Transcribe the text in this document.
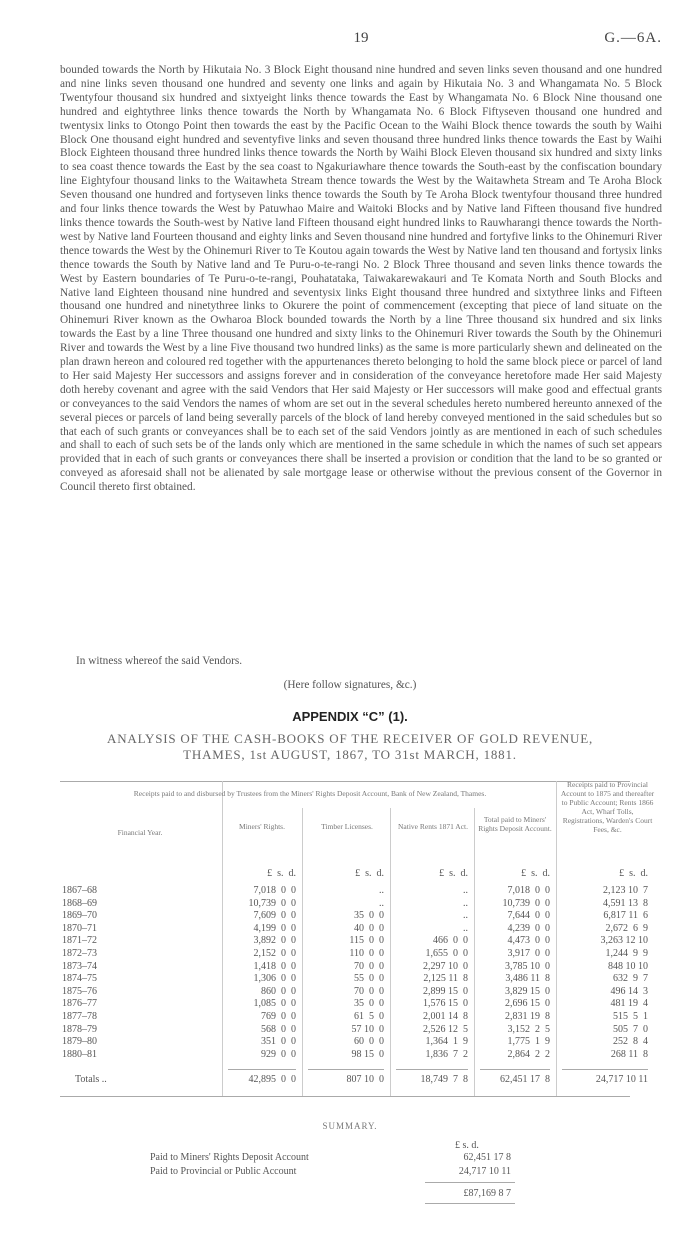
19	G.—6A.

bounded towards the North by Hikutaia No. 3 Block Eight thousand nine hundred and seven links seven thousand and one hundred and nine links seven thousand one hundred and seventy one links and again by Hikutaia No. 3 and Whangamata No. 5 Block Twentyfour thousand six hundred and sixtyeight links thence towards the East by Whangamata No. 6 Block Nine thousand one hundred and eightythree links thence towards the North by Whangamata No. 6 Block Fiftyseven thousand one hundred and twentysix links to Otongo Point then towards the east by the Pacific Ocean to the Waihi Block thence towards the south by Waihi Block One thousand eight hundred and seventyfive links and seven thousand three hundred links thence towards the East by Waihi Block Eighteen thousand three hundred links thence towards the North by Waihi Block Eleven thousand six hundred and sixty links to sea coast thence towards the East by the sea coast to Ngakuriawhare thence towards the South-east by the confiscation boundary line Eightyfour thousand links to the Waitawheta Stream thence towards the West by the Waitawheta Stream and Te Aroha Block Seven thousand one hundred and fortyseven links thence towards the South by Te Aroha Block twentyfour thousand three hundred and four links thence towards the West by Patuwhao Maire and Waitoki Blocks and by Native land Fifteen thousand five hundred links thence towards the South-west by Native land Fifteen thousand eight hundred links to Rauwharangi thence towards the North-west by Native land Fourteen thousand and eighty links and Seven thousand nine hundred and fortyfive links to the Ohinemuri River thence towards the West by the Ohinemuri River to Te Koutou again towards the West by Native land ten thousand and fortysix links thence towards the South by Native land and Te Puru-o-te-rangi No. 2 Block Three thousand and seven links thence towards the West by Eastern boundaries of Te Puru-o-te-rangi, Pouhatataka, Taiwakarewakauri and Te Komata North and South Blocks and Native land Eighteen thousand nine hundred and seventysix links Eight thousand three hundred and sixtythree links and Fifteen thousand one hundred and ninetythree links to Okurere the point of commencement (excepting that piece of land situate on the Ohinemuri River known as the Owharoa Block bounded towards the North by a line Three thousand six hundred and six links towards the East by a line Three thousand one hundred and sixty links to the Ohinemuri River towards the South by the Ohinemuri River and towards the West by a line Five thousand two hundred links) as the same is more particularly shewn and delineated on the plan drawn hereon and coloured red together with the appurtenances thereto belonging to hold the same block piece or parcel of land to Her said Majesty Her successors and assigns forever and in consideration of the conveyance heretofore made Her said Majesty doth hereby covenant and agree with the said Vendors that Her said Majesty or Her successors will make good and effectual grants or conveyances to the said Vendors the names of whom are set out in the several schedules hereto numbered hereunto annexed of the several pieces or parcels of land being severally parcels of the block of land hereby conveyed mentioned in the said schedules but so that each of such grants or conveyances shall be to each set of the said Vendors jointly as are mentioned in each of such schedules and shall to each of such sets be of the lands only which are mentioned in the same schedule in which the names of such set appears provided that in each of such grants or conveyances there shall be inserted a provision or condition that the land to be so granted or conveyed as aforesaid shall not be alienated by sale mortgage lease or otherwise without the previous consent of the Governor in Council thereto first obtained.

In witness whereof the said Vendors.
(Here follow signatures, &c.)
APPENDIX “C” (1).
ANALYSIS OF THE CASH-BOOKS OF THE RECEIVER OF GOLD REVENUE,
THAMES, 1st AUGUST, 1867, TO 31st MARCH, 1881.
Receipts paid to and disbursed by Trustees from the Miners' Rights Deposit Account, Bank of New Zealand, Thames.
Receipts paid to Provincial Account to 1875 and thereafter to Public Account; Rents 1866 Act, Wharf Tolls, Registrations, Warden's Court Fees, &c.
Financial Year.
Miners' Rights.	Timber Licenses.	Native Rents 1871 Act.
Total paid to Miners' Rights Deposit Account.
£  s.  d.	£  s.  d.	£  s.  d.	£  s.  d.	£  s.  d.
1867–68	7,018  0  0	..	..	7,018  0  0	2,123 10  7
1868–69	10,739  0  0	..	..	10,739  0  0	4,591 13  8
1869–70	7,609  0  0	35  0  0	..	7,644  0  0	6,817 11  6
1870–71	4,199  0  0	40  0  0	..	4,239  0  0	2,672  6  9
1871–72	3,892  0  0	115  0  0	466  0  0	4,473  0  0	3,263 12 10
1872–73	2,152  0  0	110  0  0	1,655  0  0	3,917  0  0	1,244  9  9
1873–74	1,418  0  0	70  0  0	2,297 10  0	3,785 10  0	848 10 10
1874–75	1,306  0  0	55  0  0	2,125 11  8	3,486 11  8	632  9  7
1875–76	860  0  0	70  0  0	2,899 15  0	3,829 15  0	496 14  3
1876–77	1,085  0  0	35  0  0	1,576 15  0	2,696 15  0	481 19  4
1877–78	769  0  0	61  5  0	2,001 14  8	2,831 19  8	515  5  1
1878–79	568  0  0	57 10  0	2,526 12  5	3,152  2  5	505  7  0
1879–80	351  0  0	60  0  0	1,364  1  9	1,775  1  9	252  8  4
1880–81	929  0  0	98 15  0	1,836  7  2	2,864  2  2	268 11  8
Totals ..	42,895  0  0	807 10  0	18,749  7  8	62,451 17  8	24,717 10 11
SUMMARY.
£ s. d.
Paid to Miners' Rights Deposit Account	62,451 17 8
Paid to Provincial or Public Account	24,717 10 11
£87,169 8 7
